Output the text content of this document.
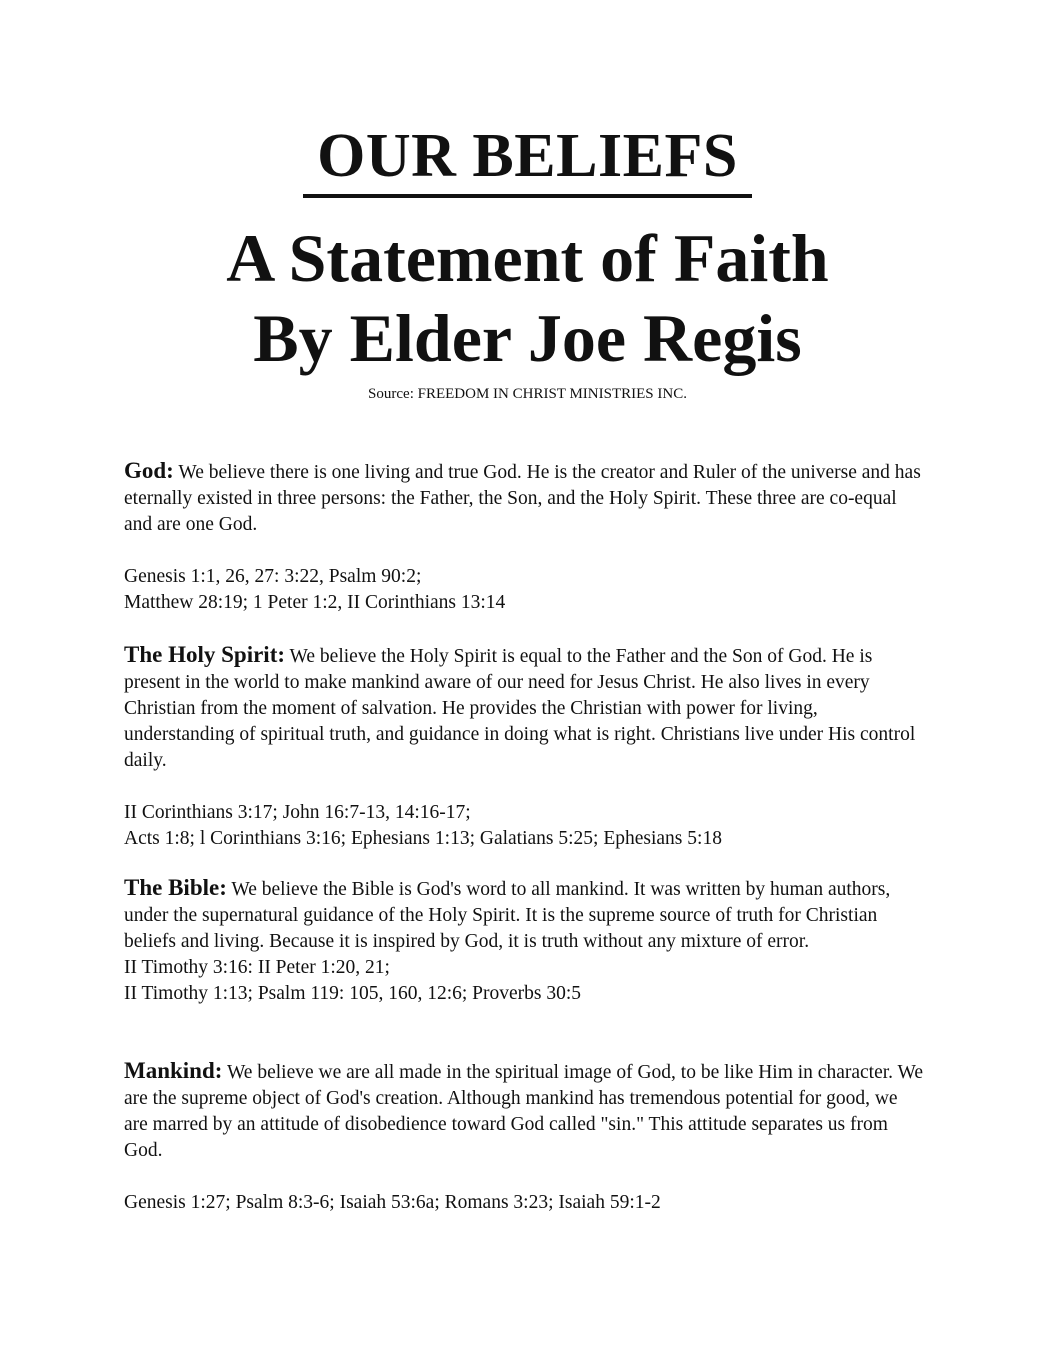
OUR BELIEFS
A Statement of Faith
By Elder Joe Regis
Source: FREEDOM IN CHRIST MINISTRIES INC.

God: We believe there is one living and true God. He is the creator and Ruler of the universe and has eternally existed in three persons: the Father, the Son, and the Holy Spirit. These three are co-equal and are one God.

Genesis 1:1, 26, 27: 3:22, Psalm 90:2;
Matthew 28:19; 1 Peter 1:2, II Corinthians 13:14

The Holy Spirit: We believe the Holy Spirit is equal to the Father and the Son of God. He is present in the world to make mankind aware of our need for Jesus Christ. He also lives in every Christian from the moment of salvation. He provides the Christian with power for living, understanding of spiritual truth, and guidance in doing what is right. Christians live under His control daily.

II Corinthians 3:17; John 16:7-13, 14:16-17;
Acts 1:8; l Corinthians 3:16; Ephesians 1:13; Galatians 5:25; Ephesians 5:18

The Bible: We believe the Bible is God's word to all mankind. It was written by human authors, under the supernatural guidance of the Holy Spirit. It is the supreme source of truth for Christian beliefs and living. Because it is inspired by God, it is truth without any mixture of error.

II Timothy 3:16: II Peter 1:20, 21;
II Timothy 1:13; Psalm 119: 105, 160, 12:6; Proverbs 30:5

Mankind: We believe we are all made in the spiritual image of God, to be like Him in character. We are the supreme object of God's creation. Although mankind has tremendous potential for good, we are marred by an attitude of disobedience toward God called "sin." This attitude separates us from God.

Genesis 1:27; Psalm 8:3-6; Isaiah 53:6a; Romans 3:23; Isaiah 59:1-2
